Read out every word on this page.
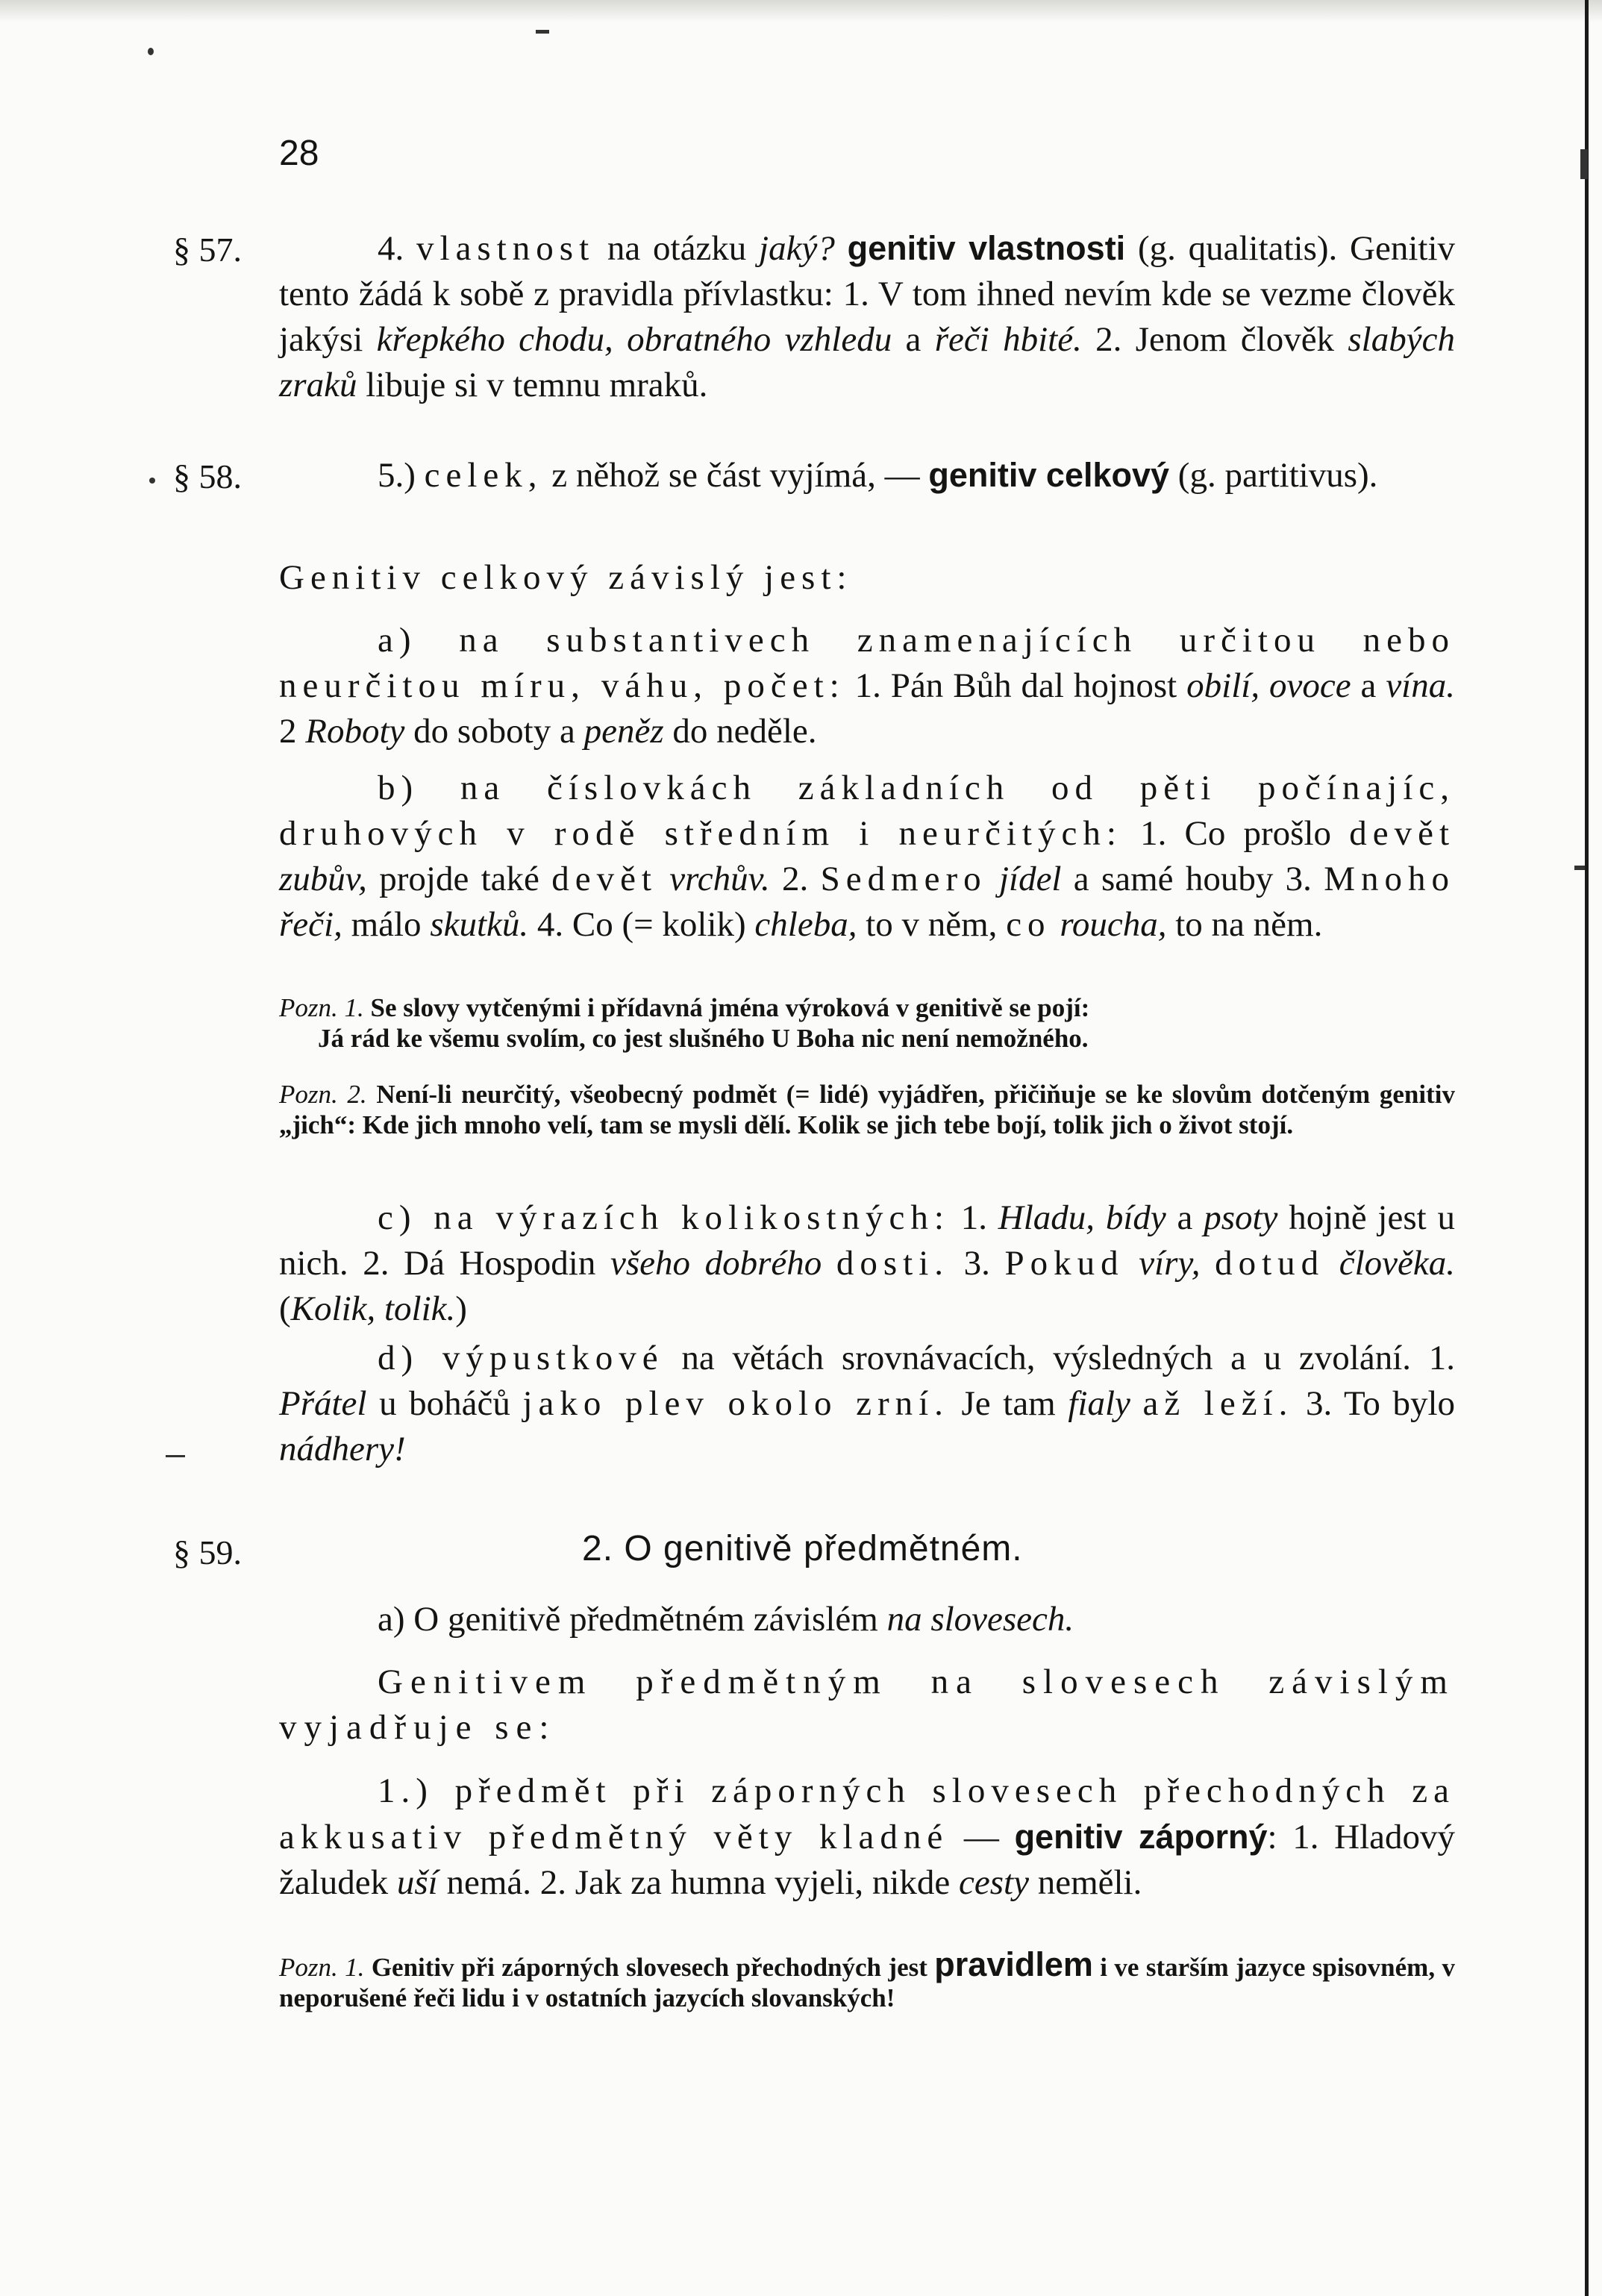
28
§ 57.	4. vlastnost na otázku jaký? genitiv vlastnosti (g. qualitatis). Genitiv tento žádá k sobě z pravidla přívlastku: 1. V tom ihned nevím kde se vezme člověk jakýsi křepkého chodu, obratného vzhledu a řeči hbité. 2. Jenom člověk slabých zraků libuje si v temnu mraků.
§ 58.	5.) celek, z něhož se část vyjímá, — genitiv celkový (g. partitivus).
Genitiv celkový závislý jest:
a) na substantivech znamenajících určitou nebo neurčitou míru, váhu, počet: 1. Pán Bůh dal hojnost obilí, ovoce a vína. 2 Roboty do soboty a peněz do neděle.
b) na číslovkách základních od pěti počínajíc, druhových v rodě středním i neurčitých: 1. Co prošlo devět zubův, projde také devět vrchův. 2. Sedmero jídel a samé houby 3. Mnoho řeči, málo skutků. 4. Co (= kolik) chleba, to v něm, co roucha, to na něm.
Pozn. 1. Se slovy vytčenými i přídavná jména výroková v genitivě se pojí:
Já rád ke všemu svolím, co jest slušného U Boha nic není nemožného.
Pozn. 2. Není-li neurčitý, všeobecný podmět (= lidé) vyjádřen, přičiňuje se ke slovům dotčeným genitiv „jich“: Kde jich mnoho velí, tam se mysli dělí. Kolik se jich tebe bojí, tolik jich o život stojí.
c) na výrazích kolikostných: 1. Hladu, bídy a psoty hojně jest u nich. 2. Dá Hospodin všeho dobrého dosti. 3. Pokud víry, dotud člověka. (Kolik, tolik.)
d) výpustkové na větách srovnávacích, výsledných a u zvolání. 1. Přátel u boháčů jako plev okolo zrní. Je tam fialy až leží. 3. To bylo nádhery!
§ 59.	2. O genitivě předmětném.
a) O genitivě předmětném závislém na slovesech.
Genitivem předmětným na slovesech závislým vyjadřuje se:
1.) předmět při záporných slovesech přechodných za akkusativ předmětný věty kladné — genitiv záporný: 1. Hladový žaludek uší nemá. 2. Jak za humna vyjeli, nikde cesty neměli.
Pozn. 1. Genitiv při záporných slovesech přechodných jest pravidlem i ve starším jazyce spisovném, v neporušené řeči lidu i v ostatních jazycích slovanských!
